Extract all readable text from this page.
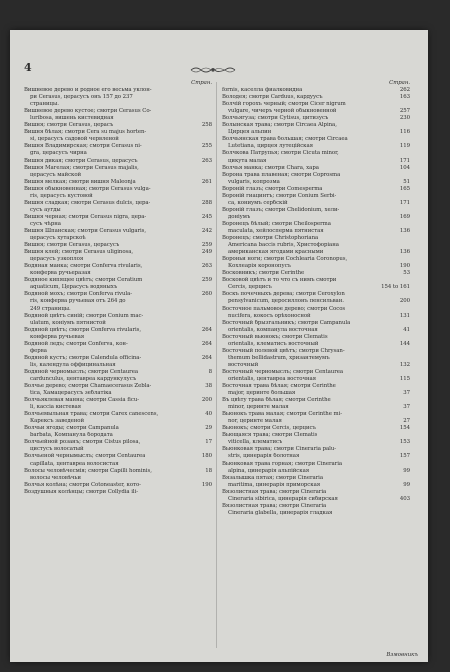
4
Стран.
Вишневое дерево и родное его весьма уклон-
ри Cerasus, церасусъ онъ 157 до 237
страницы.
Вишневое дерево кустое; смотри Cerasus Co-
luribosa, вишень кистевидная
Вишня; смотри Cerasus, церасъ	258
Вишня бѣлая; смотри Cera su majus horten-
si, церасусъ садовой червленой
Вишня Владимирская; смотри Cerasus ni-	255
gra, церасусъ чирна
Вишня дикая; смотри Cerasus, церасусъ	263
Вишня Магелая; смотри Cerasus majalis,
церасусъ майской
Вишня мелкая; смотри вишня Maleonja	261
Вишня обыкновенная; смотри Cerasus vulga-
ris, церасусъ кустовой
Вишня сладкая; смотри Cerasus dulcis, цера-	288
сусъ аугды
Вишня черная; смотри Cerasus nigra, цера-	245
сусъ чѣрна
Вишня Шпанская; смотри Cerasus vulgaris,	242
церасусъ хутарскоѣ
Вишня; смотри Cerasus, церасусъ	259
Вишня клей; смотри Cerasus uliginosa,	249
церасусъ узкоплоя
Водяная манка; смотри Conferva rivularis,	263
конферва ручьеразая
Водяное кипящее цвѣтъ; смотри Ceratium	259
aquaticum, Церасусъ водяныхъ
Водяной мохъ; смотри Conferva rivula-	260
ris, конферва ручьевая отъ 264 до
249 страницы.
Водяной цвѣтъ синій; смотри Conium mac-
ulatum, конiумъ пятнистой
Водяной цвѣтъ; смотри Conferva rivularis,	264
конферва ручьевая
Водяной ледъ; смотри Conferva, кон-	264
ферва
Водяной кустъ; смотри Calendula officina-	264
lis, календула оффицинальная
Водяной черномыслъ; смотри Centaurea	8
cardunculus, центавреа кардункулусъ
Волчье дерево; смотри Chamaecerasus Zebla-	38
tica, Хамацерасусъ зеблатiка
Волчьяклевая манна; смотри Cassia ficu-	200
li, кассiа кистевая
Волчьемыльная трава; смотри Carex canescens,	40
Карексъ заведеной
Волчьи ягоды; смотри Campanula	29
barbata, Компанула бородата
Волчьейной розанъ; смотри Cistus pilosa,	17
цистусъ волосатый
Волчьеной чернымыслъ; смотри Centaurea	180
capillata, центавреа волосистая
Волосы человѣчесмiя; смотри Capilli hominis,	18
волосы человѣчьи
Волчья колѣна; смотри Cotoneaster, кото-	190
Воздушныя колѣнцы; смотри Collydia ili-
Стран.
fornis, каселла фиалковидна	262
Володея; смотри Carduus, кардуусъ	163
Волчій горохъ черный; смотри Cicer nigrum
vulgare, чичеръ черной обыкновенной	257
Волчьягуза; смотри Cytisus, цитизусъ	230
Волынская трава; смотри Circaea Alpina,
Цирцея альпин	116
Волчьянская трава большая; смотри Circaea
Lutetiana, цирцея лутецiйская	119
Волчкова Патрупья; смотри Cicuta minor,
цикута малая	171
Волчья манка; смотри Chara, хара	104
Ворона трава плавеная; смотри Coprosma
vulgaris, копрозма	51
Вороній глазъ; смотри Comesperma	165
Вороній гиацинтъ; смотри Conium Serbi-
ca, кониумъ сербскiй	171
Вороній глазъ; смотри Chelidonium, хели-
донiумъ	169
Воронецъ бѣлый; смотри Cheilosperma
maculata, хейлосперма пятнистая	136
Воронецъ; смотри Christophoriana
Americana baccis rubris, Христофорiана
американская ягодами красными	136
Вороньи ноги; смотри Cochlearia Coronopus,
Кохлеарiя коронопусъ	190
Восковникъ; смотри Cerinthe	53
Восковой цвѣтъ и то что съ нимъ смотри
Cercis, церцисъ	154 to 161
Воскъ почечныхъ дерева; смотри Ceroxylon
pensylvanicum, церосиллонъ пенсильван.	200
Восточное пальмовое дерево; смотри Cocos
nucifera, кокосъ орѣхоносной	131
Восточный брызгальникъ; смотри Campanula
orientalis, компанула восточная	41
Восточный вьюнокъ; смотри Clematis
orientalis, клематисъ восточный	144
Восточный полевой цвѣтъ; смотри Chrysan-
themum bellidastrum, хризантемумъ
восточный	132
Восточный черномыслъ; смотри Centaurea
orientalis, центавреа восточная	115
Восточная трава бѣлая; смотри Cerinthe
major, церинте большая	37
Въ цвѣту трава бѣлая; смотри Cerinthe
minor, церинте малая	37
Вьюнокъ трава малая; смотри Cerinthe mi-
nor, церинте малая	27
Вьюнокъ; смотри Cercis, церцисъ	154
Вьющаяся трава; смотри Clematis
viticella, клематисъ	153
Вьюнковая трава; смотри Cineraria palu-
stris, цинерарiя болотная	157
Вьюнковая трава горная; смотри Cineraria
alpina, цинерарiя альпiйская	99
Вязалышка пятая; смотри Cineraria
maritima, цинерарiя приморская	99
Вязолистная трава; смотри Cineraria
Cineraria sibirica, цинерарiя сибирская	403
Вязолистная трава; смотри Cineraria
Cineraria glabella, цинерарiя гладкая
Взмовникъ
